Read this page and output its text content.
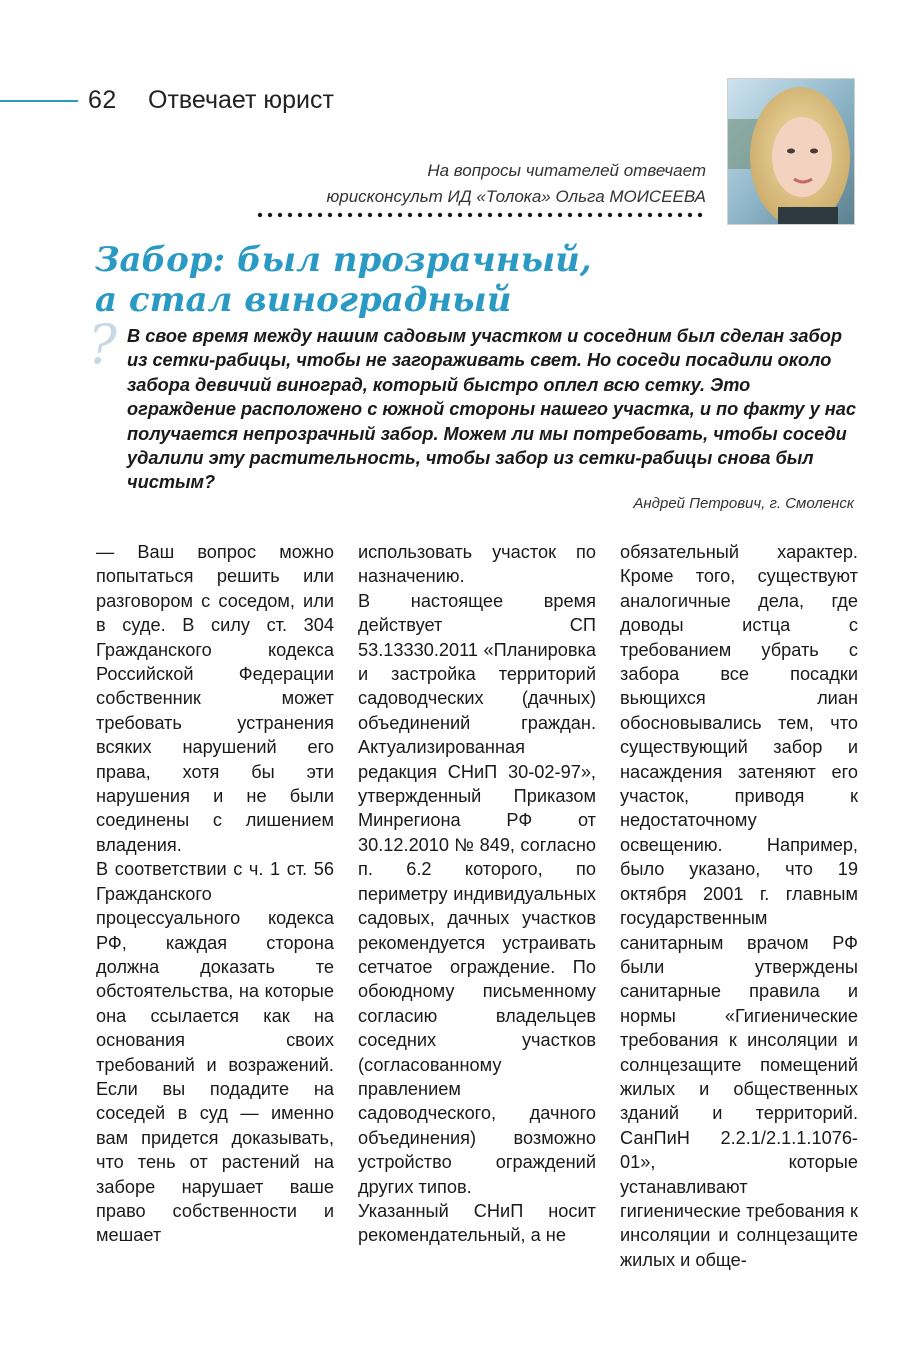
62 Отвечает юрист
На вопросы читателей отвечает
юрисконсульт ИД «Толока» Ольга МОИСЕЕВА
Забор: был прозрачный,
а стал виноградный
? В свое время между нашим садовым участком и соседним был сделан забор из сетки-рабицы, чтобы не загораживать свет. Но соседи посадили около забора девичий виноград, который быстро оплел всю сетку. Это ограждение расположено с южной стороны нашего участка, и по факту у нас получается непрозрачный забор. Можем ли мы потребовать, чтобы соседи удалили эту растительность, чтобы забор из сетки-рабицы снова был чистым?
Андрей Петрович, г. Смоленск

— Ваш вопрос можно попытаться решить или разговором с соседом, или в суде. В силу ст. 304 Гражданского кодекса Российской Федерации собственник может требовать устранения всяких нарушений его права, хотя бы эти нарушения и не были соединены с лишением владения.

В соответствии с ч. 1 ст. 56 Гражданского процессуального кодекса РФ, каждая сторона должна доказать те обстоятельства, на которые она ссылается как на основания своих требований и возражений. Если вы подадите на соседей в суд — именно вам придется доказывать, что тень от растений на заборе нарушает ваше право собственности и мешает

использовать участок по назначению.

В настоящее время действует СП 53.13330.2011 «Планировка и застройка территорий садоводческих (дачных) объединений граждан. Актуализированная редакция СНиП 30-02-97», утвержденный Приказом Минрегиона РФ от 30.12.2010 № 849, согласно п. 6.2 которого, по периметру индивидуальных садовых, дачных участков рекомендуется устраивать сетчатое ограждение. По обоюдному письменному согласию владельцев соседних участков (согласованному правлением садоводческого, дачного объединения) возможно устройство ограждений других типов.

Указанный СНиП носит рекомендательный, а не

обязательный характер. Кроме того, существуют аналогичные дела, где доводы истца с требованием убрать с забора все посадки вьющихся лиан обосновывались тем, что существующий забор и насаждения затеняют его участок, приводя к недостаточному освещению. Например, было указано, что 19 октября 2001 г. главным государственным санитарным врачом РФ были утверждены санитарные правила и нормы «Гигиенические требования к инсоляции и солнцезащите помещений жилых и общественных зданий и территорий. СанПиН 2.2.1/2.1.1.1076-01», которые устанавливают гигиенические требования к инсоляции и солнцезащите жилых и обще-
